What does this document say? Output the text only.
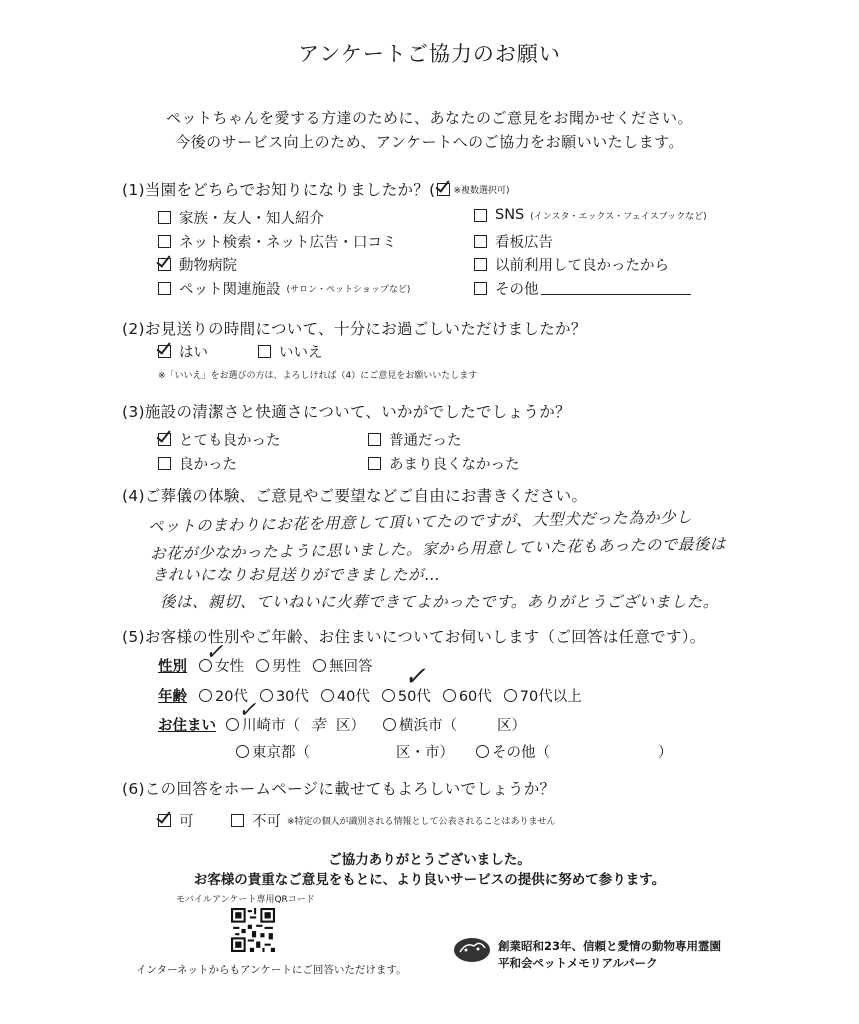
アンケートご協力のお願い
ペットちゃんを愛する方達のために、あなたのご意見をお聞かせください。
今後のサービス向上のため、アンケートへのご協力をお願いいたします。
(1)当園をどちらでお知りになりましたか？( ※複数選択可)
家族・友人・知人紹介
ネット検索・ネット広告・口コミ
動物病院
ペット関連施設 (サロン・ペットショップなど)
SNS (インスタ・エックス・フェイスブックなど)
看板広告
以前利用して良かったから
その他
(2)お見送りの時間について、十分にお過ごしいただけましたか？
はい	いいえ
※「いいえ」をお選びの方は、よろしければ（4）にご意見をお願いいたします
(3)施設の清潔さと快適さについて、いかがでしたでしょうか？
とても良かった	普通だった
良かった	あまり良くなかった
(4)ご葬儀の体験、ご意見やご要望などご自由にお書きください。
ペットのまわりにお花を用意して頂いてたのですが、大型犬だった為か少し
お花が少なかったように思いました。家から用意していた花もあったので最後は
きれいになりお見送りができましたが…
後は、親切、ていねいに火葬できてよかったです。ありがとうございました。
(5)お客様の性別やご年齢、お住まいについてお伺いします（ご回答は任意です）。
性別 女性 男性 無回答
✓
年齢 20代 30代 40代 50代 60代 70代以上
✓
お住まい 川崎市（ 幸 区） 横浜市（	区）
✓
東京都（	区・市）	その他（	）
(6)この回答をホームページに載せてもよろしいでしょうか？
可	不可 ※特定の個人が識別される情報として公表されることはありません
ご協力ありがとうございました。
お客様の貴重なご意見をもとに、より良いサービスの提供に努めて参ります。
モバイルアンケート専用QRコード
インターネットからもアンケートにご回答いただけます。
創業昭和23年、信頼と愛情の動物専用霊園
平和会ペットメモリアルパーク
